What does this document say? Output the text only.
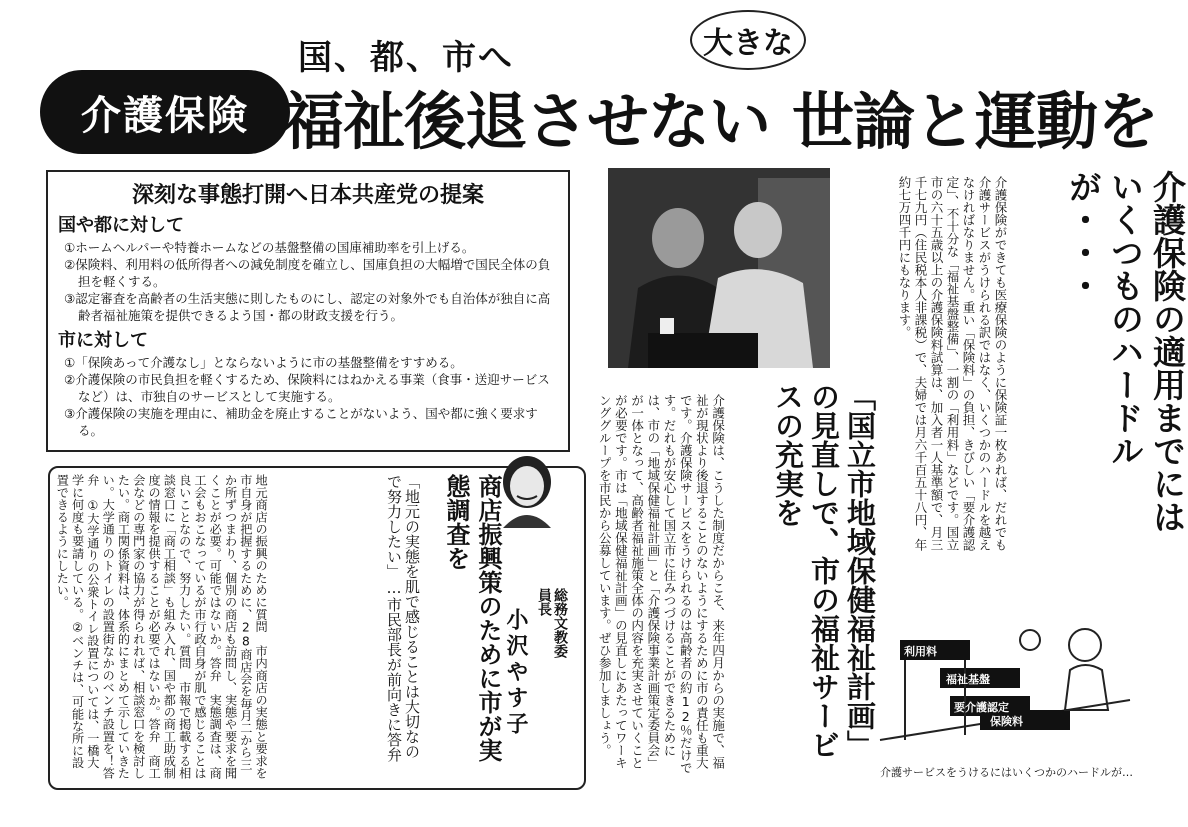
介護保険
国、都、市へ
福祉後退させない
大きな
世論と運動を
深刻な事態打開へ日本共産党の提案
国や都に対して
①ホームヘルパーや特養ホームなどの基盤整備の国庫補助率を引上げる。
②保険料、利用料の低所得者への減免制度を確立し、国庫負担の大幅増で国民全体の負担を軽くする。
③認定審査を高齢者の生活実態に則したものにし、認定の対象外でも自治体が独自に高齢者福祉施策を提供できるよう国・都の財政支援を行う。
市に対して
①「保険あって介護なし」とならないように市の基盤整備をすすめる。
②介護保険の市民負担を軽くするため、保険料にはねかえる事業（食事・送迎サービスなど）は、市独自のサービスとして実施する。
③介護保険の実施を理由に、補助金を廃止することがないよう、国や都に強く要求する。	介護保険の適用までにはいくつものハードルが・・・
介護保険ができても医療保険のように保険証一枚あれば、だれでも介護サービスがうけられる訳ではなく、いくつかのハードルを越えなければなりません。重い「保険料」の負担、きびしい「要介護認定」、不十分な「福祉基盤整備」、一割の「利用料」などです。国立市の六十五歳以上の介護保険料試算は、加入者一人基準額で、月三千七九円（住民税本人非課税）で、夫婦では月六千百五十八円、年約七万四千円にもなります。
「国立市地域保健福祉計画」の見直しで、市の福祉サービスの充実を
介護保険は、こうした制度だからこそ、来年四月からの実施で、福祉が現状より後退することのないようにするために市の責任も重大です。介護保険サービスをうけられるのは高齢者の約12％だけです。だれもが安心して国立市に住みつづけることができるためには、市の「地域保健福祉計画」と「介護保険事業計画策定委員会」が一体となって、高齢者福祉施策全体の内容を充実させていくことが必要です。市は「地域保健福祉計画」の見直しにあたってワーキンググループを市民から公募しています。ぜひ参加しましょう。
商店振興策のために市が実態調査を
「地元の実態を肌で感じることは大切なので努力したい」…市民部長が前向きに答弁	総務文教委員長
小沢やす子
地元商店の振興のために質問　市内商店の実態と要求を市自身が把握するために、28商店会を毎月二から三か所ずつまわり、個別の商店も訪問し、実態や要求を聞くことが必要。可能ではないか。答弁　実態調査は、商工会もおこなっているが市行政自身が肌で感じることは良いことなので、努力したい。質問　市報で掲載する相談窓口に「商工相談」も組み入れ、国や都の商工助成制度の情報を提供することが必要ではないか。答弁　商工会などの専門家の協力が得られれば、相談窓口を検討したい。商工関係資料は、体系的にまとめて示していきたい。大学通りのトイレの設置街なかのベンチ設置を！答弁　①大学通りの公衆トイレ設置については、一橋大学に何度も要請している。②ベンチは、可能な所に設置できるようにしたい。
利用料
福祉基盤
要介護認定
保険料
介護サービスをうけるにはいくつかのハードルが…
